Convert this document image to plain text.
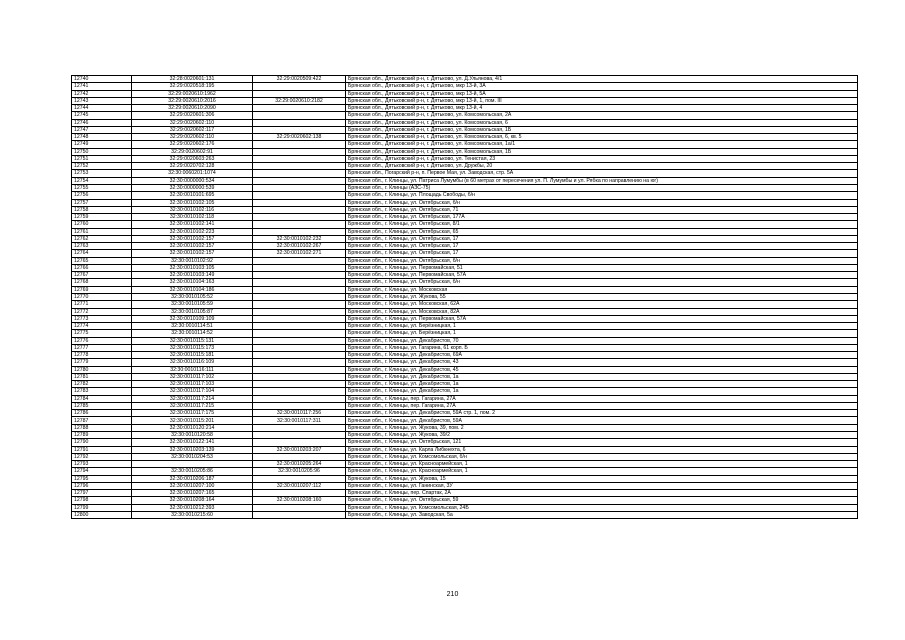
12740	32:28:0020601:131	32:29:0020509:422	Брянская обл., Дятьковский р-н, г. Дятьково, ул. Д.Ульянова, 4/1
12741	32:29:0020518:195		Брянская обл., Дятьковский р-н, г. Дятьково, мкр 13-й, 3А
12742	32:29:0020610:1962		Брянская обл., Дятьковский р-н, г. Дятьково, мкр 13-й, 5А
12743	32:29:0020610:2016	32:29:0020610:2182	Брянская обл., Дятьковский р-н, г. Дятьково, мкр 13-й, 1, пом. III
12744	32:29:0020610:2090		Брянская обл., Дятьковский р-н, г. Дятьково, мкр 13-й, 4
12745	32:29:0020601:306		Брянская обл., Дятьковский р-н, г. Дятьково, ул. Комсомольская, 2А
12746	32:29:0020602:110		Брянская обл., Дятьковский р-н, г. Дятьково, ул. Комсомольская, 6
12747	32:29:0020602:117		Брянская обл., Дятьковский р-н, г. Дятьково, ул. Комсомольская, 1Б
12748	32:29:0020602:110	32:29:0020602:138	Брянская обл., Дятьковский р-н, г. Дятьково, ул. Комсомольская, 6, кв. 5
12749	32:29:0020602:176		Брянская обл., Дятьковский р-н, г. Дятьково, ул. Комсомольская, 1а/1
12750	32:29:0020602:91		Брянская обл., Дятьковский р-н, г. Дятьково, ул. Комсомольская, 1Б
12751	32:29:0020603:263		Брянская обл., Дятьковский р-н, г. Дятьково, ул. Тенистая, 23
12752	32:29:0020702:128		Брянская обл., Дятьковский р-н, г. Дятьково, ул. Дружбы, 20
12753	32:30:0060201:1074		Брянская обл., Погарский р-н, п. Первое Мая, ул. Заводская, стр. 5А
12754	32:30:0000000:534		Брянская обл., г. Клинцы, ул. Патриса Лумумбы (в 60 метрах от пересечения ул. П. Лумумбы и ул. Рябка по направлению на юг)
12755	32:30:0000000:539		Брянская обл., г. Клинцы (АЗС-75)
12756	32:30:0010101:695		Брянская обл., г. Клинцы, ул. Площадь Свободы, б/н
12757	32:30:0010102:105		Брянская обл., г. Клинцы, ул. Октябрьская, б/н
12758	32:30:0010102:116		Брянская обл., г. Клинцы, ул. Октябрьская, 71
12759	32:30:0010102:118		Брянская обл., г. Клинцы, ул. Октябрьская, 177А
12760	32:30:0010102:141		Брянская обл., г. Клинцы, ул. Октябрьская, 8/1
12761	32:30:0010102:223		Брянская обл., г. Клинцы, ул. Октябрьская, 65
12762	32:30:0010102:157	32:30:0010102:232	Брянская обл., г. Клинцы, ул. Октябрьская, 17
12763	32:30:0010102:157	32:30:0010102:267	Брянская обл., г. Клинцы, ул. Октябрьская, 17
12764	32:30:0010102:157	32:30:0010102:271	Брянская обл., г. Клинцы, ул. Октябрьская, 17
12765	32:30:0010102:92		Брянская обл., г. Клинцы, ул. Октябрьская, б/н
12766	32:30:0010103:105		Брянская обл., г. Клинцы, ул. Первомайская, 51
12767	32:30:0010103:149		Брянская обл., г. Клинцы, ул. Первомайская, 57А
12768	32:30:0010104:163		Брянская обл., г. Клинцы, ул. Октябрьская, б/н
12769	32:30:0010104:186		Брянская обл., г. Клинцы, ул. Московская
12770	32:30:0010105:52		Брянская обл., г. Клинцы, ул. Жукова, 55
12771	32:30:0010105:59		Брянская обл., г. Клинцы, ул. Московская, 62А
12772	32:30:0010105:87		Брянская обл., г. Клинцы, ул. Московская, 82А
12773	32:30:0010109:109		Брянская обл., г. Клинцы, ул. Первомайская, 57А
12774	32:30:0010114:51		Брянская обл., г. Клинцы, ул. Берёзницкая, 1
12775	32:30:0010114:52		Брянская обл., г. Клинцы, ул. Берёзницкая, 1
12776	32:30:0010115:131		Брянская обл., г. Клинцы, ул. Декабристов, 70
12777	32:30:0010115:173		Брянская обл., г. Клинцы, ул. Гагарина, 61 корп. Б
12778	32:30:0010115:181		Брянская обл., г. Клинцы, ул. Декабристов, 69А
12779	32:30:0010116:109		Брянская обл., г. Клинцы, ул. Декабристов, 43
12780	32:30:0010116:111		Брянская обл., г. Клинцы, ул. Декабристов, 45
12781	32:30:0010117:102		Брянская обл., г. Клинцы, ул. Декабристов, 1а
12782	32:30:0010117:103		Брянская обл., г. Клинцы, ул. Декабристов, 1а
12783	32:30:0010117:104		Брянская обл., г. Клинцы, ул. Декабристов, 1а
12784	32:30:0010117:214		Брянская обл., г. Клинцы, пер. Гагарина, 27А
12785	32:30:0010117:215		Брянская обл., г. Клинцы, пер. Гагарина, 27А
12786	32:30:0010117:175	32:30:0010117:256	Брянская обл., г. Клинцы, ул. Декабристов, 59А стр. 1, пом. 2
12787	32:30:0010115:201	32:30:0010117:311	Брянская обл., г. Клинцы, ул. Декабристов, 59А
12788	32:30:0010120:214		Брянская обл., г. Клинцы, ул. Жукова, 39, пом. 2
12789	32:30:0010120:58		Брянская обл., г. Клинцы, ул. Жукова, 39/2
12790	32:30:0010122:141		Брянская обл., г. Клинцы, ул. Октябрьская, 121
12791	32:30:0010203:139	32:30:0010203:207	Брянская обл., г. Клинцы, ул. Карла Либкнехта, 6
12792	32:30:0010204:53		Брянская обл., г. Клинцы, ул. Комсомольская, б/н
12793		32:30:0010205:264	Брянская обл., г. Клинцы, ул. Красноармейская, 1
12794	32:30:0010205:86	32:30:0010205:96	Брянская обл., г. Клинцы, ул. Красноармейская, 1
12795	32:30:0010206:187		Брянская обл., г. Клинцы, ул. Жукова, 15
12796	32:30:0010207:100	32:30:0010207:112	Брянская обл., г. Клинцы, ул. Ганинская, 3У
12797	32:30:0010207:165		Брянская обл., г. Клинцы, пер. Спартак, 2А
12798	32:30:0010208:164	32:30:0010208:160	Брянская обл., г. Клинцы, ул. Октябрьская, 59
12799	32:30:0010212:393		Брянская обл., г. Клинцы, ул. Комсомольская, 24Б
12800	32:30:0010215:60		Брянская обл., г. Клинцы, ул. Заводская, 5а
210
